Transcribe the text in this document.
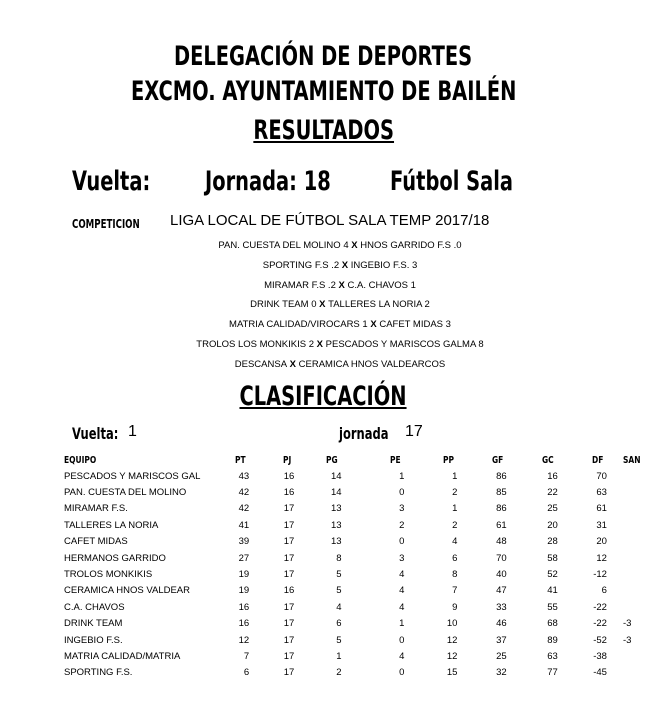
DELEGACIÓN DE DEPORTES
EXCMO. AYUNTAMIENTO DE BAILÉN
RESULTADOS
Vuelta: Jornada: 18	Fútbol Sala
COMPETICION	LIGA LOCAL DE FÚTBOL SALA TEMP 2017/18
PAN. CUESTA DEL MOLINO 4 X HNOS GARRIDO F.S .0
SPORTING F.S .2 X INGEBIO F.S. 3
MIRAMAR F.S .2 X C.A. CHAVOS 1
DRINK TEAM 0 X TALLERES LA NORIA 2
MATRIA CALIDAD/VIROCARS 1 X CAFET MIDAS 3
TROLOS LOS MONKIKIS 2 X PESCADOS Y MARISCOS GALMA 8
DESCANSA X CERAMICA HNOS VALDEARCOS
CLASIFICACIÓN
Vuelta: 1	jornada	17
EQUIPO	PT	PJ	PG	PE	PP	GF	GC	DF	SAN
PESCADOS Y MARISCOS GAL	43	16	14	1	1	86	16	70	
PAN. CUESTA DEL MOLINO	42	16	14	0	2	85	22	63	
MIRAMAR F.S.	42	17	13	3	1	86	25	61	
TALLERES LA NORIA	41	17	13	2	2	61	20	31	
CAFET MIDAS	39	17	13	0	4	48	28	20	
HERMANOS GARRIDO	27	17	8	3	6	70	58	12	
TROLOS MONKIKIS	19	17	5	4	8	40	52	-12	
CERAMICA HNOS VALDEAR	19	16	5	4	7	47	41	6	
C.A. CHAVOS	16	17	4	4	9	33	55	-22	
DRINK TEAM	16	17	6	1	10	46	68	-22	-3
INGEBIO F.S.	12	17	5	0	12	37	89	-52	-3
MATRIA CALIDAD/MATRIA	7	17	1	4	12	25	63	-38	
SPORTING F.S.	6	17	2	0	15	32	77	-45	
